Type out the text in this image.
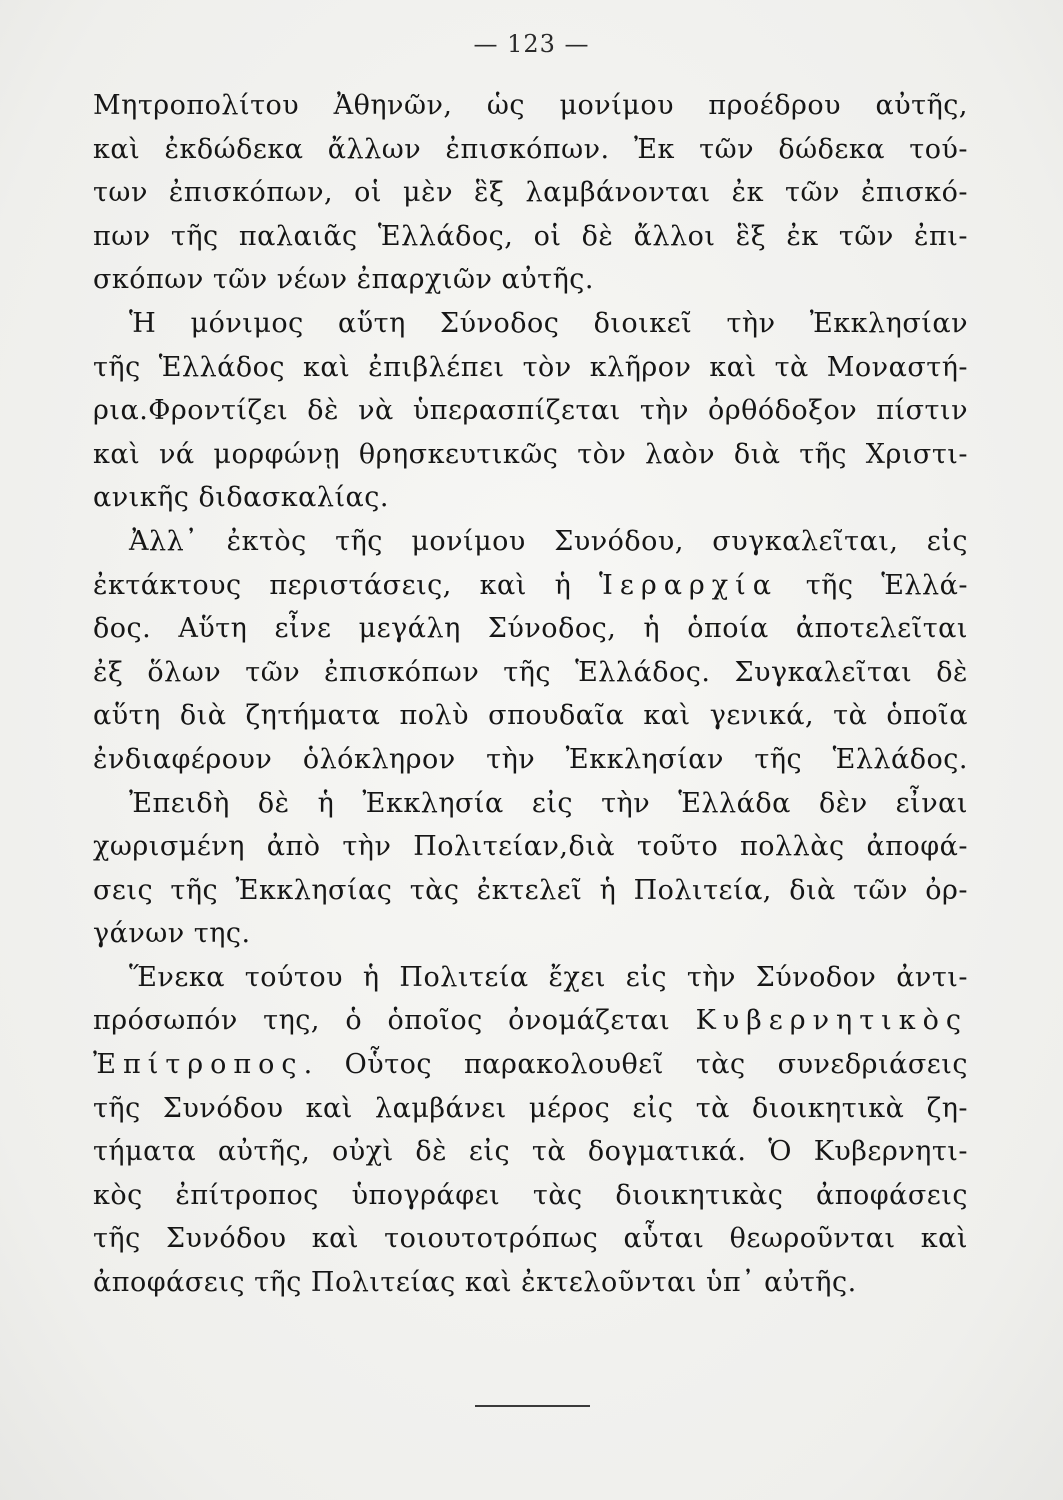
— 123 —
Μητροπολίτου Ἀθηνῶν, ὡς μονίμου προέδρου αὐτῆς,
καὶ ἐκδώδεκα ἄλλων ἐπισκόπων. Ἐκ τῶν δώδεκα τού-
των ἐπισκόπων, οἱ μὲν ἓξ λαμβάνονται ἐκ τῶν ἐπισκό-
πων τῆς παλαιᾶς Ἑλλάδος, οἱ δὲ ἄλλοι ἓξ ἐκ τῶν ἐπι-
σκόπων τῶν νέων ἐπαρχιῶν αὐτῆς.
Ἡ μόνιμος αὕτη Σύνοδος διοικεῖ τὴν Ἐκκλησίαν
τῆς Ἑλλάδος καὶ ἐπιβλέπει τὸν κλῆρον καὶ τὰ Μοναστή-
ρια.Φροντίζει δὲ νὰ ὑπερασπίζεται τὴν ὀρθόδοξον πίστιν
καὶ νά μορφώνῃ θρησκευτικῶς τὸν λαὸν διὰ τῆς Χριστι-
ανικῆς διδασκαλίας.
Ἀλλ᾽ ἐκτὸς τῆς μονίμου Συνόδου, συγκαλεῖται, εἰς
ἐκτάκτους περιστάσεις, καὶ ἡ Ἱεραρχία τῆς Ἑλλά-
δος. Αὕτη εἶνε μεγάλη Σύνοδος, ἡ ὁποία ἀποτελεῖται
ἐξ ὅλων τῶν ἐπισκόπων τῆς Ἑλλάδος. Συγκαλεῖται δὲ
αὕτη διὰ ζητήματα πολὺ σπουδαῖα καὶ γενικά, τὰ ὁποῖα
ἐνδιαφέρουν ὁλόκληρον τὴν Ἐκκλησίαν τῆς Ἑλλάδος.
Ἐπειδὴ δὲ ἡ Ἐκκλησία εἰς τὴν Ἑλλάδα δὲν εἶναι
χωρισμένη ἀπὸ τὴν Πολιτείαν,διὰ τοῦτο πολλὰς ἀποφά-
σεις τῆς Ἐκκλησίας τὰς ἐκτελεῖ ἡ Πολιτεία, διὰ τῶν ὀρ-
γάνων της.
Ἕνεκα τούτου ἡ Πολιτεία ἔχει εἰς τὴν Σύνοδον ἀντι-
πρόσωπόν της, ὁ ὁποῖος ὀνομάζεται Κυβερνητικὸς
Ἐπίτροπος. Οὗτος παρακολουθεῖ τὰς συνεδριάσεις
τῆς Συνόδου καὶ λαμβάνει μέρος εἰς τὰ διοικητικὰ ζη-
τήματα αὐτῆς, οὐχὶ δὲ εἰς τὰ δογματικά. Ὁ Κυβερνητι-
κὸς ἐπίτροπος ὑπογράφει τὰς διοικητικὰς ἀποφάσεις
τῆς Συνόδου καὶ τοιουτοτρόπως αὗται θεωροῦνται καὶ
ἀποφάσεις τῆς Πολιτείας καὶ ἐκτελοῦνται ὑπ᾽ αὐτῆς.
